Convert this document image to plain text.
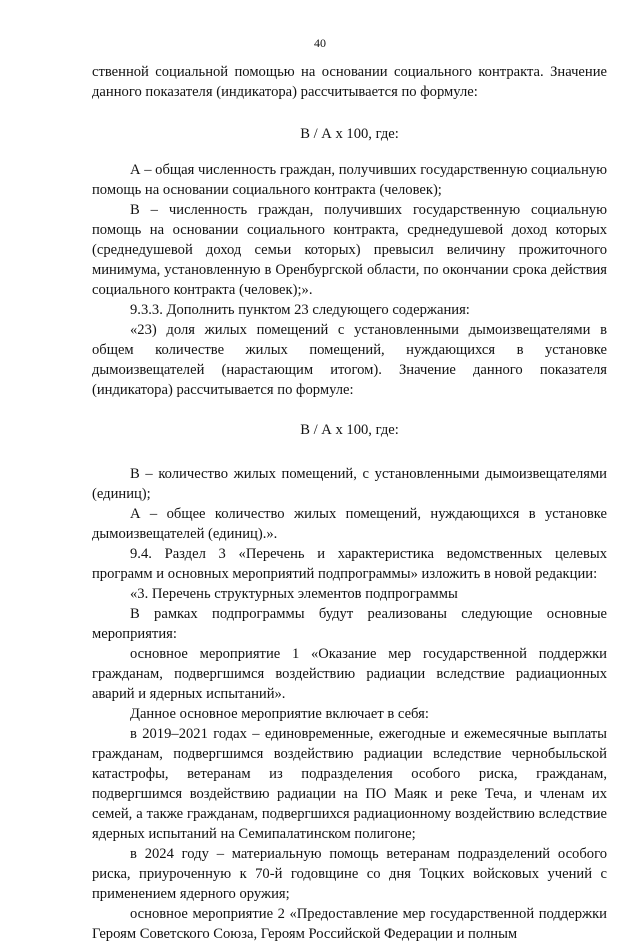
40

ственной социальной помощью на основании социального контракта. Значение данного показателя (индикатора) рассчитывается по формуле:

В / А x 100, где:

А – общая численность граждан, получивших государственную социальную помощь на основании социального контракта (человек);

В – численность граждан, получивших государственную социальную помощь на основании социального контракта, среднедушевой доход которых (среднедушевой доход семьи которых) превысил величину прожиточного минимума, установленную в Оренбургской области, по окончании срока действия социального контракта (человек);».

9.3.3. Дополнить пунктом 23 следующего содержания:

«23) доля жилых помещений с установленными дымоизвещателями в общем количестве жилых помещений, нуждающихся в установке дымоизвещателей (нарастающим итогом). Значение данного показателя (индикатора) рассчитывается по формуле:

В / А x 100, где:

В – количество жилых помещений, с установленными дымоизвещателями (единиц);

А – общее количество жилых помещений, нуждающихся в установке дымоизвещателей (единиц).».

9.4. Раздел 3 «Перечень и характеристика ведомственных целевых программ и основных мероприятий подпрограммы» изложить в новой редакции:

«3. Перечень структурных элементов подпрограммы

В рамках подпрограммы будут реализованы следующие основные мероприятия:

основное мероприятие 1 «Оказание мер государственной поддержки гражданам, подвергшимся воздействию радиации вследствие радиационных аварий и ядерных испытаний».

Данное основное мероприятие включает в себя:

в 2019–2021 годах – единовременные, ежегодные и ежемесячные выплаты гражданам, подвергшимся воздействию радиации вследствие чернобыльской катастрофы, ветеранам из подразделения особого риска, гражданам, подвергшимся воздействию радиации на ПО Маяк и реке Теча, и членам их семей, а также гражданам, подвергшихся радиационному воздействию вследствие ядерных испытаний на Семипалатинском полигоне;

в 2024 году – материальную помощь ветеранам подразделений особого риска, приуроченную к 70-й годовщине со дня Тоцких войсковых учений с применением ядерного оружия;

основное мероприятие 2 «Предоставление мер государственной поддержки Героям Советского Союза, Героям Российской Федерации и полным
